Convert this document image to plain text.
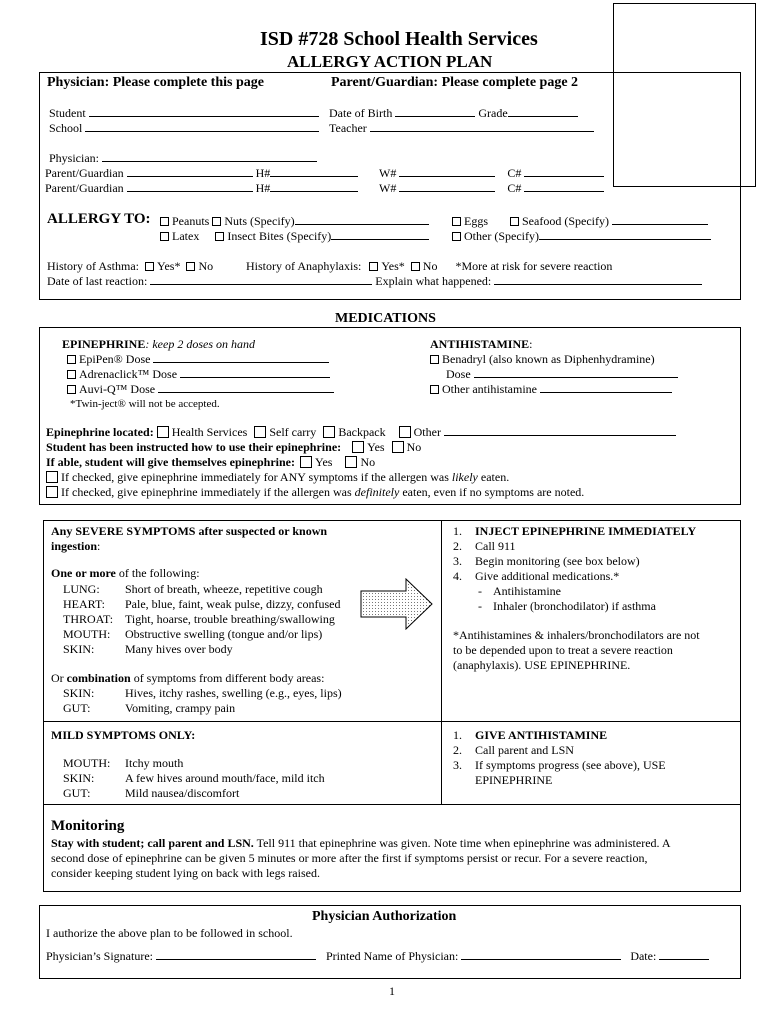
ISD #728 School Health Services
ALLERGY ACTION PLAN
Physician: Please complete this page	Parent/Guardian: Please complete page 2
Student	Date of Birth	Grade
School	Teacher
Physician:
Parent/Guardian	H#	W#	C#
Parent/Guardian	H#	W#	C#
ALLERGY TO:	Peanuts Nuts (Specify)	Eggs	Seafood (Specify)
Latex Insect Bites (Specify)	Other (Specify)
History of Asthma: Yes* No	History of Anaphylaxis: Yes* No *More at risk for severe reaction
Date of last reaction:	Explain what happened:
MEDICATIONS
EPINEPHRINE: keep 2 doses on hand
EpiPen® Dose
Adrenaclick™ Dose
Auvi-Q™ Dose
*Twin-ject® will not be accepted.
ANTIHISTAMINE:
Benadryl (also known as Diphenhydramine)
Dose
Other antihistamine
Epinephrine located: Health Services Self carry Backpack Other
Student has been instructed how to use their epinephrine: Yes No
If able, student will give themselves epinephrine: Yes No
If checked, give epinephrine immediately for ANY symptoms if the allergen was likely eaten.
If checked, give epinephrine immediately if the allergen was definitely eaten, even if no symptoms are noted.
Any SEVERE SYMPTOMS after suspected or known
ingestion:
One or more of the following:
LUNG: Short of breath, wheeze, repetitive cough
HEART: Pale, blue, faint, weak pulse, dizzy, confused
THROAT: Tight, hoarse, trouble breathing/swallowing
MOUTH: Obstructive swelling (tongue and/or lips)
SKIN:	Many hives over body
Or combination of symptoms from different body areas:
SKIN:	Hives, itchy rashes, swelling (e.g., eyes, lips)
GUT:	Vomiting, crampy pain
1. INJECT EPINEPHRINE IMMEDIATELY
2. Call 911
3. Begin monitoring (see box below)
4. Give additional medications.*
- Antihistamine
- Inhaler (bronchodilator) if asthma
*Antihistamines & inhalers/bronchodilators are not
to be depended upon to treat a severe reaction
(anaphylaxis). USE EPINEPHRINE.
MILD SYMPTOMS ONLY:
MOUTH: Itchy mouth
SKIN:	A few hives around mouth/face, mild itch
GUT:	Mild nausea/discomfort
1. GIVE ANTIHISTAMINE
2. Call parent and LSN
3. If symptoms progress (see above), USE
EPINEPHRINE
Monitoring
Stay with student; call parent and LSN. Tell 911 that epinephrine was given. Note time when epinephrine was administered. A
second dose of epinephrine can be given 5 minutes or more after the first if symptoms persist or recur. For a severe reaction,
consider keeping student lying on back with legs raised.
Physician Authorization
I authorize the above plan to be followed in school.
Physician’s Signature:	Printed Name of Physician:	Date:
1
